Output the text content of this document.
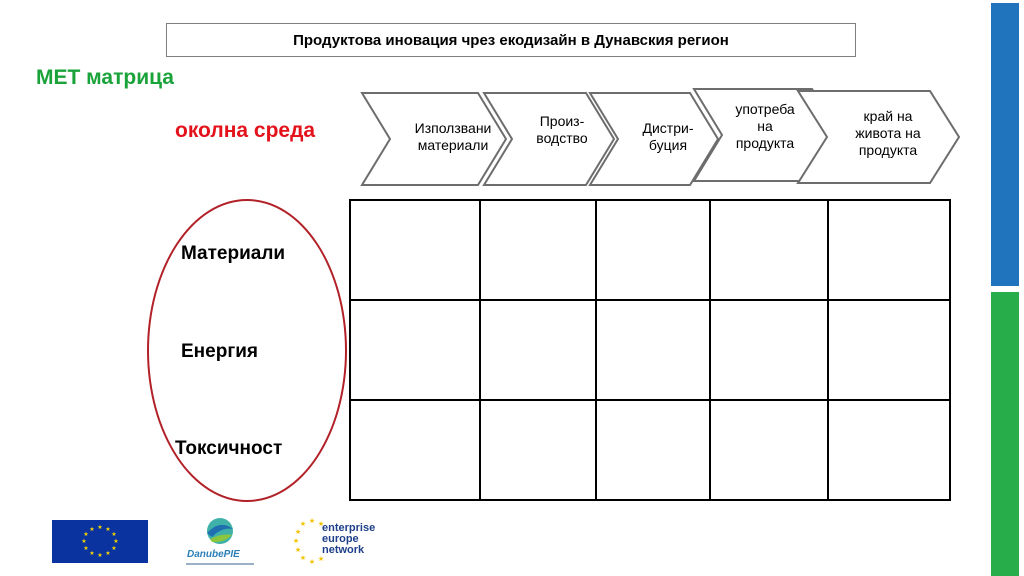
Продуктова иновация чрез екодизайн в Дунавския регион
МЕТ матрица
околна среда	Използвани
материали
Произ-
водство
Дистри-
буция
употреба
на
продукта
край на
живота на
продукта
Материали
Енергия
Токсичност

★ ★
★
★
★
★
★
★
★
★
★
★
DanubePIE
★ ★
★
★
★
★
★ ★ ★
enterprise
europe
network
